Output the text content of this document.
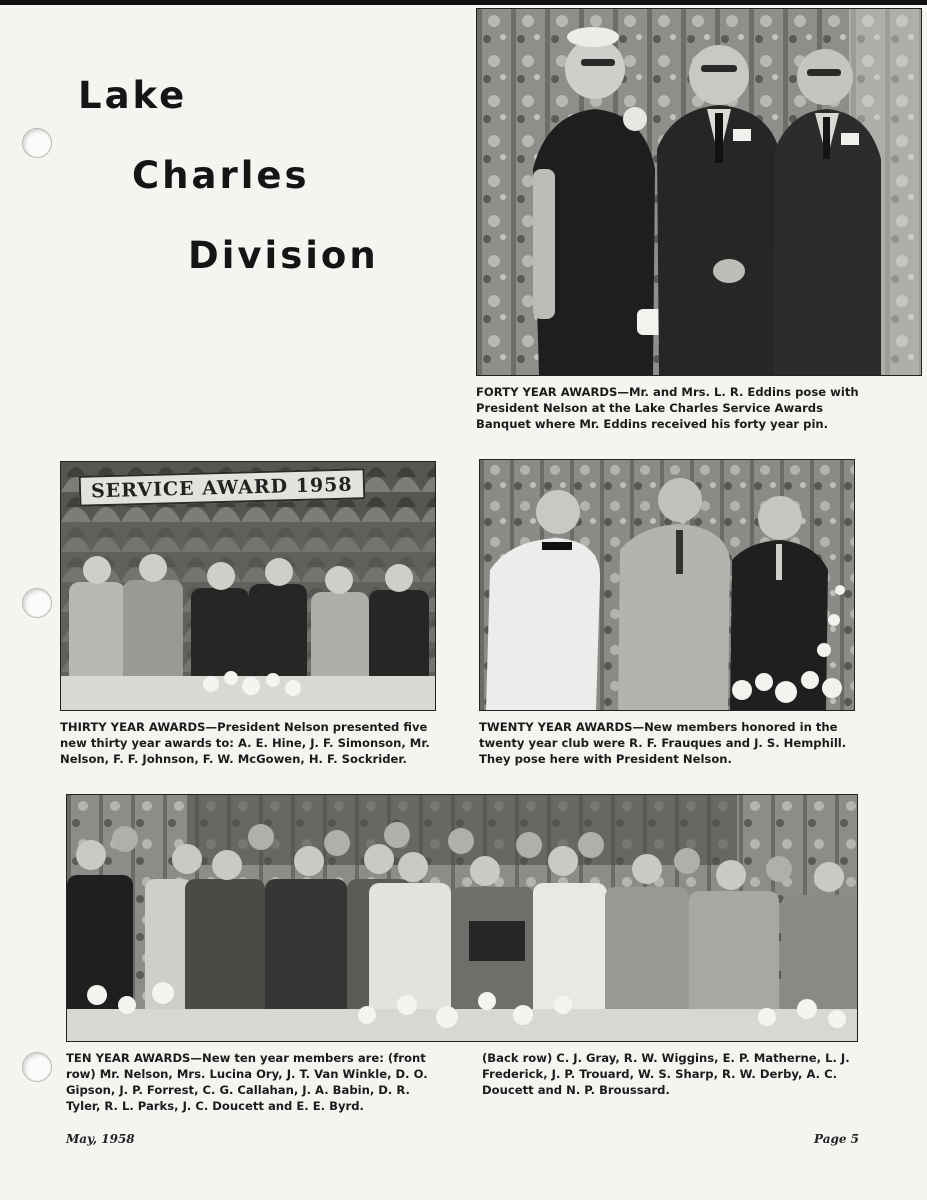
Lake
Charles
Division

FORTY YEAR AWARDS—Mr. and Mrs. L. R. Eddins pose with President Nelson at the Lake Charles Service Awards Banquet where Mr. Eddins received his forty year pin.

SERVICE AWARD 1958

THIRTY YEAR AWARDS—President Nelson presented five new thirty year awards to: A. E. Hine, J. F. Simonson, Mr. Nelson, F. F. Johnson, F. W. McGowen, H. F. Sockrider.

TWENTY YEAR AWARDS—New members honored in the twenty year club were R. F. Frauques and J. S. Hemphill. They pose here with President Nelson.

TEN YEAR AWARDS—New ten year members are: (front row) Mr. Nelson, Mrs. Lucina Ory, J. T. Van Winkle, D. O. Gipson, J. P. Forrest, C. G. Callahan, J. A. Babin, D. R. Tyler, R. L. Parks, J. C. Doucett and E. E. Byrd.

(Back row) C. J. Gray, R. W. Wiggins, E. P. Matherne, L. J. Frederick, J. P. Trouard, W. S. Sharp, R. W. Derby, A. C. Doucett and N. P. Broussard.

May, 1958	Page 5
